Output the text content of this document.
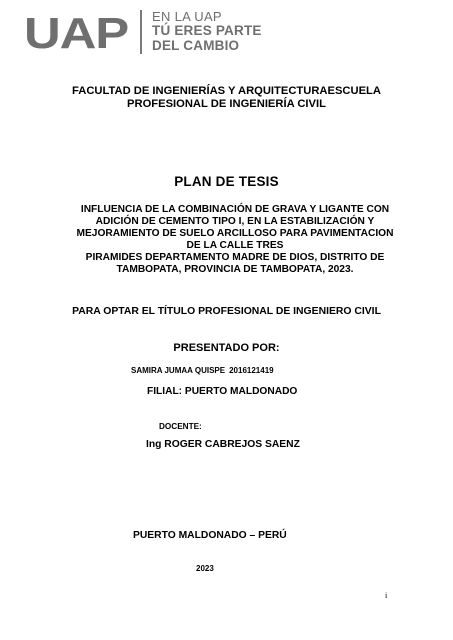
UAP EN LA UAP
TÚ ERES PARTE
DEL CAMBIO
FACULTAD DE INGENIERÍAS Y ARQUITECTURAESCUELA
PROFESIONAL DE INGENIERÍA CIVIL
PLAN DE TESIS
INFLUENCIA DE LA COMBINACIÓN DE GRAVA Y LIGANTE CON
ADICIÓN DE CEMENTO TIPO I, EN LA ESTABILIZACIÓN Y
MEJORAMIENTO DE SUELO ARCILLOSO PARA PAVIMENTACION
DE LA CALLE TRES
PIRAMIDES DEPARTAMENTO MADRE DE DIOS, DISTRITO DE
TAMBOPATA, PROVINCIA DE TAMBOPATA, 2023.
PARA OPTAR EL TÍTULO PROFESIONAL DE INGENIERO CIVIL
PRESENTADO POR:
SAMIRA JUMAA QUISPE 2016121419
FILIAL: PUERTO MALDONADO
DOCENTE:
Ing ROGER CABREJOS SAENZ
PUERTO MALDONADO – PERÚ
2023
i
